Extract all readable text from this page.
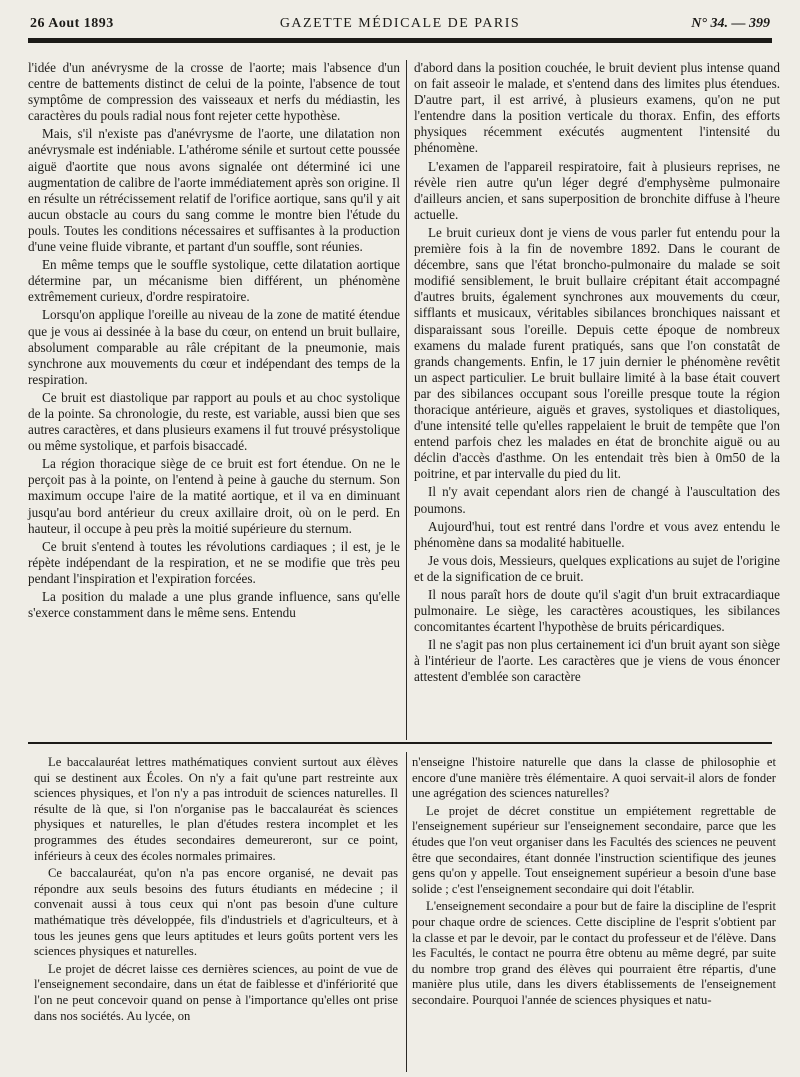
26 Aout 1893	GAZETTE MÉDICALE DE PARIS	N° 34. — 399

l'idée d'un anévrysme de la crosse de l'aorte; mais l'absence d'un centre de battements distinct de celui de la pointe, l'absence de tout symptôme de compression des vaisseaux et nerfs du médiastin, les caractères du pouls radial nous font rejeter cette hypothèse.

Mais, s'il n'existe pas d'anévrysme de l'aorte, une dilatation non anévrysmale est indéniable. L'athérome sénile et surtout cette poussée aiguë d'aortite que nous avons signalée ont déterminé ici une augmentation de calibre de l'aorte immédiatement après son origine. Il en résulte un rétrécissement relatif de l'orifice aortique, sans qu'il y ait aucun obstacle au cours du sang comme le montre bien l'étude du pouls. Toutes les conditions nécessaires et suffisantes à la production d'une veine fluide vibrante, et partant d'un souffle, sont réunies.

En même temps que le souffle systolique, cette dilatation aortique détermine par, un mécanisme bien différent, un phénomène extrêmement curieux, d'ordre respiratoire.

Lorsqu'on applique l'oreille au niveau de la zone de matité étendue que je vous ai dessinée à la base du cœur, on entend un bruit bullaire, absolument comparable au râle crépitant de la pneumonie, mais synchrone aux mouvements du cœur et indépendant des temps de la respiration.

Ce bruit est diastolique par rapport au pouls et au choc systolique de la pointe. Sa chronologie, du reste, est variable, aussi bien que ses autres caractères, et dans plusieurs examens il fut trouvé présystolique ou même systolique, et parfois bisaccadé.

La région thoracique siège de ce bruit est fort étendue. On ne le perçoit pas à la pointe, on l'entend à peine à gauche du sternum. Son maximum occupe l'aire de la matité aortique, et il va en diminuant jusqu'au bord antérieur du creux axillaire droit, où on le perd. En hauteur, il occupe à peu près la moitié supérieure du sternum.

Ce bruit s'entend à toutes les révolutions cardiaques ; il est, je le répète indépendant de la respiration, et ne se modifie que très peu pendant l'inspiration et l'expiration forcées.

La position du malade a une plus grande influence, sans qu'elle s'exerce constamment dans le même sens. Entendu

d'abord dans la position couchée, le bruit devient plus intense quand on fait asseoir le malade, et s'entend dans des limites plus étendues. D'autre part, il est arrivé, à plusieurs examens, qu'on ne put l'entendre dans la position verticale du thorax. Enfin, des efforts physiques récemment exécutés augmentent l'intensité du phénomène.

L'examen de l'appareil respiratoire, fait à plusieurs reprises, ne révèle rien autre qu'un léger degré d'emphysème pulmonaire d'ailleurs ancien, et sans superposition de bronchite diffuse à l'heure actuelle.

Le bruit curieux dont je viens de vous parler fut entendu pour la première fois à la fin de novembre 1892. Dans le courant de décembre, sans que l'état broncho-pulmonaire du malade se soit modifié sensiblement, le bruit bullaire crépitant était accompagné d'autres bruits, également synchrones aux mouvements du cœur, sifflants et musicaux, véritables sibilances bronchiques naissant et disparaissant sous l'oreille. Depuis cette époque de nombreux examens du malade furent pratiqués, sans que l'on constatât de grands changements. Enfin, le 17 juin dernier le phénomène revêtit un aspect particulier. Le bruit bullaire limité à la base était couvert par des sibilances occupant sous l'oreille presque toute la région thoracique antérieure, aiguës et graves, systoliques et diastoliques, d'une intensité telle qu'elles rappelaient le bruit de tempête que l'on entend parfois chez les malades en état de bronchite aiguë ou au déclin d'accès d'asthme. On les entendait très bien à 0m50 de la poitrine, et par intervalle du pied du lit.

Il n'y avait cependant alors rien de changé à l'auscultation des poumons.

Aujourd'hui, tout est rentré dans l'ordre et vous avez entendu le phénomène dans sa modalité habituelle.

Je vous dois, Messieurs, quelques explications au sujet de l'origine et de la signification de ce bruit.

Il nous paraît hors de doute qu'il s'agit d'un bruit extracardiaque pulmonaire. Le siège, les caractères acoustiques, les sibilances concomitantes écartent l'hypothèse de bruits péricardiques.

Il ne s'agit pas non plus certainement ici d'un bruit ayant son siège à l'intérieur de l'aorte. Les caractères que je viens de vous énoncer attestent d'emblée son caractère

Le baccalauréat lettres mathématiques convient surtout aux élèves qui se destinent aux Écoles. On n'y a fait qu'une part restreinte aux sciences physiques, et l'on n'y a pas introduit de sciences naturelles. Il résulte de là que, si l'on n'organise pas le baccalauréat ès sciences physiques et naturelles, le plan d'études restera incomplet et les programmes des études secondaires demeureront, sur ce point, inférieurs à ceux des écoles normales primaires.

Ce baccalauréat, qu'on n'a pas encore organisé, ne devait pas répondre aux seuls besoins des futurs étudiants en médecine ; il convenait aussi à tous ceux qui n'ont pas besoin d'une culture mathématique très développée, fils d'industriels et d'agriculteurs, et à tous les jeunes gens que leurs aptitudes et leurs goûts portent vers les sciences physiques et naturelles.

Le projet de décret laisse ces dernières sciences, au point de vue de l'enseignement secondaire, dans un état de faiblesse et d'infériorité que l'on ne peut concevoir quand on pense à l'importance qu'elles ont prise dans nos sociétés. Au lycée, on

n'enseigne l'histoire naturelle que dans la classe de philosophie et encore d'une manière très élémentaire. A quoi servait-il alors de fonder une agrégation des sciences naturelles?

Le projet de décret constitue un empiétement regrettable de l'enseignement supérieur sur l'enseignement secondaire, parce que les études que l'on veut organiser dans les Facultés des sciences ne peuvent être que secondaires, étant donnée l'instruction scientifique des jeunes gens qu'on y appelle. Tout enseignement supérieur a besoin d'une base solide ; c'est l'enseignement secondaire qui doit l'établir.

L'enseignement secondaire a pour but de faire la discipline de l'esprit pour chaque ordre de sciences. Cette discipline de l'esprit s'obtient par la classe et par le devoir, par le contact du professeur et de l'élève. Dans les Facultés, le contact ne pourra être obtenu au même degré, par suite du nombre trop grand des élèves qui pourraient être répartis, d'une manière plus utile, dans les divers établissements de l'enseignement secondaire. Pourquoi l'année de sciences physiques et natu-
